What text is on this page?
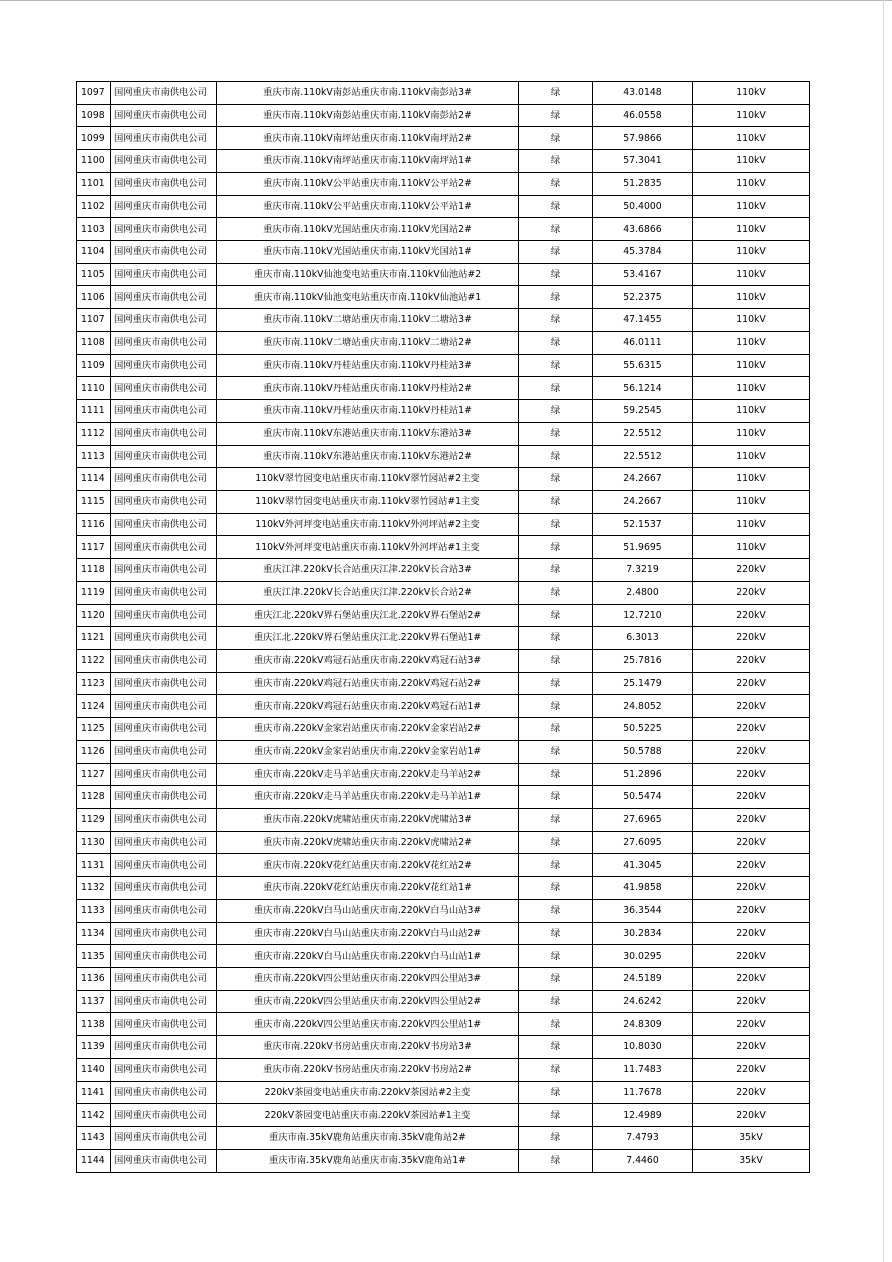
1097	国网重庆市南供电公司	重庆市南.110kV南彭站重庆市南.110kV南彭站3#	绿	43.0148	110kV
1098	国网重庆市南供电公司	重庆市南.110kV南彭站重庆市南.110kV南彭站2#	绿	46.0558	110kV
1099	国网重庆市南供电公司	重庆市南.110kV南坪站重庆市南.110kV南坪站2#	绿	57.9866	110kV
1100	国网重庆市南供电公司	重庆市南.110kV南坪站重庆市南.110kV南坪站1#	绿	57.3041	110kV
1101	国网重庆市南供电公司	重庆市南.110kV公平站重庆市南.110kV公平站2#	绿	51.2835	110kV
1102	国网重庆市南供电公司	重庆市南.110kV公平站重庆市南.110kV公平站1#	绿	50.4000	110kV
1103	国网重庆市南供电公司	重庆市南.110kV光国站重庆市南.110kV光国站2#	绿	43.6866	110kV
1104	国网重庆市南供电公司	重庆市南.110kV光国站重庆市南.110kV光国站1#	绿	45.3784	110kV
1105	国网重庆市南供电公司	重庆市南.110kV仙池变电站重庆市南.110kV仙池站#2	绿	53.4167	110kV
1106	国网重庆市南供电公司	重庆市南.110kV仙池变电站重庆市南.110kV仙池站#1	绿	52.2375	110kV
1107	国网重庆市南供电公司	重庆市南.110kV二塘站重庆市南.110kV二塘站3#	绿	47.1455	110kV
1108	国网重庆市南供电公司	重庆市南.110kV二塘站重庆市南.110kV二塘站2#	绿	46.0111	110kV
1109	国网重庆市南供电公司	重庆市南.110kV丹桂站重庆市南.110kV丹桂站3#	绿	55.6315	110kV
1110	国网重庆市南供电公司	重庆市南.110kV丹桂站重庆市南.110kV丹桂站2#	绿	56.1214	110kV
1111	国网重庆市南供电公司	重庆市南.110kV丹桂站重庆市南.110kV丹桂站1#	绿	59.2545	110kV
1112	国网重庆市南供电公司	重庆市南.110kV东港站重庆市南.110kV东港站3#	绿	22.5512	110kV
1113	国网重庆市南供电公司	重庆市南.110kV东港站重庆市南.110kV东港站2#	绿	22.5512	110kV
1114	国网重庆市南供电公司	110kV翠竹园变电站重庆市南.110kV翠竹园站#2主变	绿	24.2667	110kV
1115	国网重庆市南供电公司	110kV翠竹园变电站重庆市南.110kV翠竹园站#1主变	绿	24.2667	110kV
1116	国网重庆市南供电公司	110kV外河坪变电站重庆市南.110kV外河坪站#2主变	绿	52.1537	110kV
1117	国网重庆市南供电公司	110kV外河坪变电站重庆市南.110kV外河坪站#1主变	绿	51.9695	110kV
1118	国网重庆市南供电公司	重庆江津.220kV长合站重庆江津.220kV长合站3#	绿	7.3219	220kV
1119	国网重庆市南供电公司	重庆江津.220kV长合站重庆江津.220kV长合站2#	绿	2.4800	220kV
1120	国网重庆市南供电公司	重庆江北.220kV界石堡站重庆江北.220kV界石堡站2#	绿	12.7210	220kV
1121	国网重庆市南供电公司	重庆江北.220kV界石堡站重庆江北.220kV界石堡站1#	绿	6.3013	220kV
1122	国网重庆市南供电公司	重庆市南.220kV鸡冠石站重庆市南.220kV鸡冠石站3#	绿	25.7816	220kV
1123	国网重庆市南供电公司	重庆市南.220kV鸡冠石站重庆市南.220kV鸡冠石站2#	绿	25.1479	220kV
1124	国网重庆市南供电公司	重庆市南.220kV鸡冠石站重庆市南.220kV鸡冠石站1#	绿	24.8052	220kV
1125	国网重庆市南供电公司	重庆市南.220kV金家岩站重庆市南.220kV金家岩站2#	绿	50.5225	220kV
1126	国网重庆市南供电公司	重庆市南.220kV金家岩站重庆市南.220kV金家岩站1#	绿	50.5788	220kV
1127	国网重庆市南供电公司	重庆市南.220kV走马羊站重庆市南.220kV走马羊站2#	绿	51.2896	220kV
1128	国网重庆市南供电公司	重庆市南.220kV走马羊站重庆市南.220kV走马羊站1#	绿	50.5474	220kV
1129	国网重庆市南供电公司	重庆市南.220kV虎啸站重庆市南.220kV虎啸站3#	绿	27.6965	220kV
1130	国网重庆市南供电公司	重庆市南.220kV虎啸站重庆市南.220kV虎啸站2#	绿	27.6095	220kV
1131	国网重庆市南供电公司	重庆市南.220kV花红站重庆市南.220kV花红站2#	绿	41.3045	220kV
1132	国网重庆市南供电公司	重庆市南.220kV花红站重庆市南.220kV花红站1#	绿	41.9858	220kV
1133	国网重庆市南供电公司	重庆市南.220kV白马山站重庆市南.220kV白马山站3#	绿	36.3544	220kV
1134	国网重庆市南供电公司	重庆市南.220kV白马山站重庆市南.220kV白马山站2#	绿	30.2834	220kV
1135	国网重庆市南供电公司	重庆市南.220kV白马山站重庆市南.220kV白马山站1#	绿	30.0295	220kV
1136	国网重庆市南供电公司	重庆市南.220kV四公里站重庆市南.220kV四公里站3#	绿	24.5189	220kV
1137	国网重庆市南供电公司	重庆市南.220kV四公里站重庆市南.220kV四公里站2#	绿	24.6242	220kV
1138	国网重庆市南供电公司	重庆市南.220kV四公里站重庆市南.220kV四公里站1#	绿	24.8309	220kV
1139	国网重庆市南供电公司	重庆市南.220kV书房站重庆市南.220kV书房站3#	绿	10.8030	220kV
1140	国网重庆市南供电公司	重庆市南.220kV书房站重庆市南.220kV书房站2#	绿	11.7483	220kV
1141	国网重庆市南供电公司	220kV茶园变电站重庆市南.220kV茶园站#2主变	绿	11.7678	220kV
1142	国网重庆市南供电公司	220kV茶园变电站重庆市南.220kV茶园站#1主变	绿	12.4989	220kV
1143	国网重庆市南供电公司	重庆市南.35kV鹿角站重庆市南.35kV鹿角站2#	绿	7.4793	35kV
1144	国网重庆市南供电公司	重庆市南.35kV鹿角站重庆市南.35kV鹿角站1#	绿	7.4460	35kV
